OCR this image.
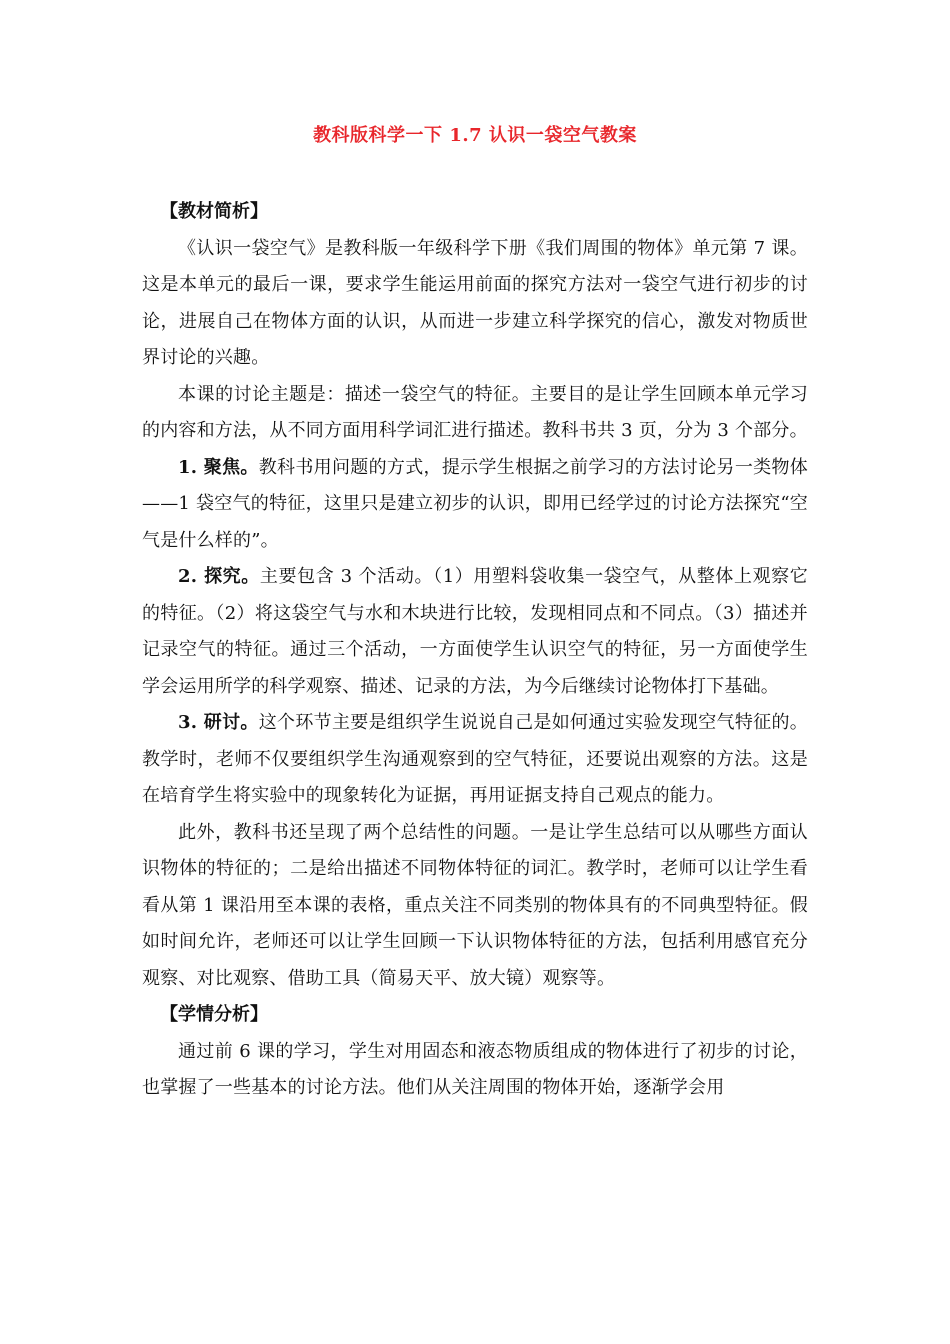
教科版科学一下 1.7 认识一袋空气教案
【教材简析】

《认识一袋空气》是教科版一年级科学下册《我们周围的物体》单元第 7 课。这是本单元的最后一课，要求学生能运用前面的探究方法对一袋空气进行初步的讨论，进展自己在物体方面的认识，从而进一步建立科学探究的信心，激发对物质世界讨论的兴趣。

本课的讨论主题是：描述一袋空气的特征。主要目的是让学生回顾本单元学习的内容和方法，从不同方面用科学词汇进行描述。教科书共 3 页，分为 3 个部分。

1. 聚焦。教科书用问题的方式，提示学生根据之前学习的方法讨论另一类物体——1 袋空气的特征，这里只是建立初步的认识，即用已经学过的讨论方法探究“空气是什么样的”。

2. 探究。主要包含 3 个活动。（1）用塑料袋收集一袋空气，从整体上观察它的特征。（2）将这袋空气与水和木块进行比较，发现相同点和不同点。（3）描述并记录空气的特征。通过三个活动，一方面使学生认识空气的特征，另一方面使学生学会运用所学的科学观察、描述、记录的方法，为今后继续讨论物体打下基础。

3. 研讨。这个环节主要是组织学生说说自己是如何通过实验发现空气特征的。教学时，老师不仅要组织学生沟通观察到的空气特征，还要说出观察的方法。这是在培育学生将实验中的现象转化为证据，再用证据支持自己观点的能力。

此外，教科书还呈现了两个总结性的问题。一是让学生总结可以从哪些方面认识物体的特征的；二是给出描述不同物体特征的词汇。教学时，老师可以让学生看看从第 1 课沿用至本课的表格，重点关注不同类别的物体具有的不同典型特征。假如时间允许，老师还可以让学生回顾一下认识物体特征的方法，包括利用感官充分观察、对比观察、借助工具（简易天平、放大镜）观察等。

【学情分析】

通过前 6 课的学习，学生对用固态和液态物质组成的物体进行了初步的讨论，也掌握了一些基本的讨论方法。他们从关注周围的物体开始，逐渐学会用
